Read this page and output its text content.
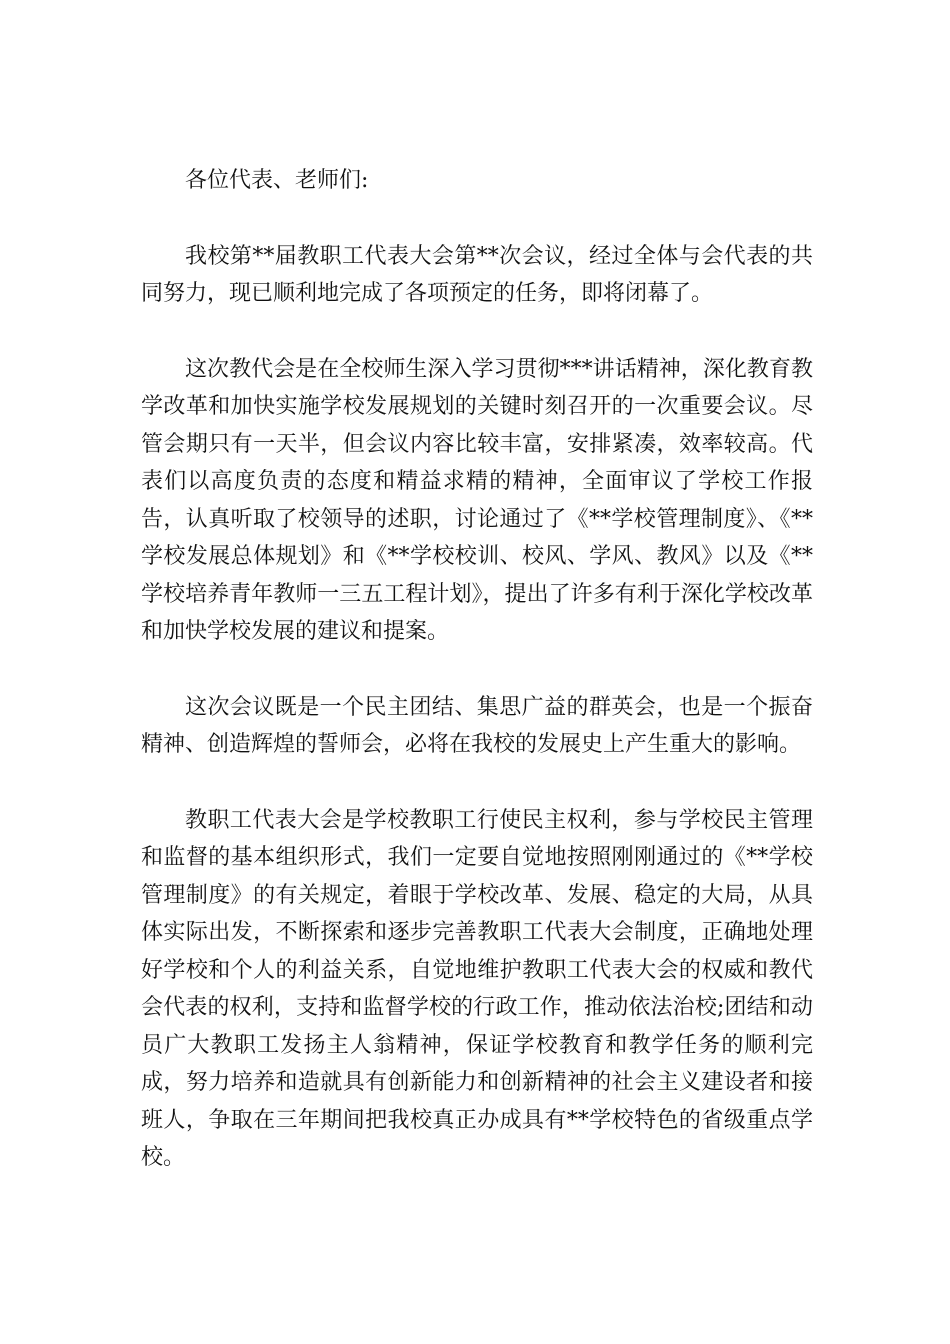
各位代表、老师们:

我校第**届教职工代表大会第**次会议，经过全体与会代表的共同努力，现已顺利地完成了各项预定的任务，即将闭幕了。

这次教代会是在全校师生深入学习贯彻***讲话精神，深化教育教学改革和加快实施学校发展规划的关键时刻召开的一次重要会议。尽管会期只有一天半，但会议内容比较丰富，安排紧凑，效率较高。代表们以高度负责的态度和精益求精的精神，全面审议了学校工作报告，认真听取了校领导的述职，讨论通过了《**学校管理制度》、《**学校发展总体规划》和《**学校校训、校风、学风、教风》以及《**学校培养青年教师一三五工程计划》，提出了许多有利于深化学校改革和加快学校发展的建议和提案。

这次会议既是一个民主团结、集思广益的群英会，也是一个振奋精神、创造辉煌的誓师会，必将在我校的发展史上产生重大的影响。

教职工代表大会是学校教职工行使民主权利，参与学校民主管理和监督的基本组织形式，我们一定要自觉地按照刚刚通过的《**学校管理制度》的有关规定，着眼于学校改革、发展、稳定的大局，从具体实际出发，不断探索和逐步完善教职工代表大会制度，正确地处理好学校和个人的利益关系，自觉地维护教职工代表大会的权威和教代会代表的权利，支持和监督学校的行政工作，推动依法治校;团结和动员广大教职工发扬主人翁精神，保证学校教育和教学任务的顺利完成，努力培养和造就具有创新能力和创新精神的社会主义建设者和接班人，争取在三年期间把我校真正办成具有**学校特色的省级重点学校。
